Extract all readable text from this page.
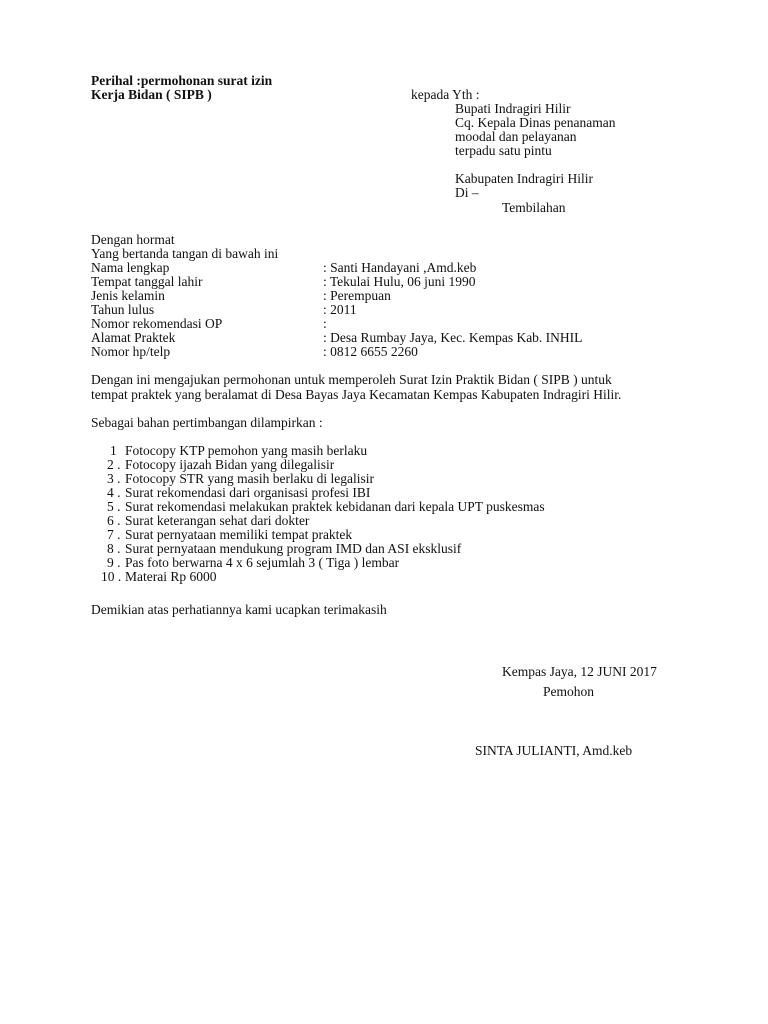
Perihal :permohonan surat izin
Kerja Bidan ( SIPB )	kepada Yth :
Bupati Indragiri Hilir
Cq. Kepala Dinas penanaman
moodal dan pelayanan
terpadu satu pintu
Kabupaten Indragiri Hilir
Di –
Tembilahan
Dengan hormat
Yang bertanda tangan di bawah ini
Nama lengkap	: Santi Handayani ,Amd.keb
Tempat tanggal lahir	: Tekulai Hulu, 06 juni 1990
Jenis kelamin	: Perempuan
Tahun lulus	: 2011
Nomor rekomendasi OP	:
Alamat Praktek	: Desa Rumbay Jaya, Kec. Kempas Kab. INHIL
Nomor hp/telp	: 0812 6655 2260
Dengan ini mengajukan permohonan untuk memperoleh Surat Izin Praktik Bidan ( SIPB ) untuk
tempat praktek yang beralamat di Desa Bayas Jaya Kecamatan Kempas Kabupaten Indragiri Hilir.
Sebagai bahan pertimbangan dilampirkan :
1 Fotocopy KTP pemohon yang masih berlaku
2 . Fotocopy ijazah Bidan yang dilegalisir
3 . Fotocopy STR yang masih berlaku di legalisir
4 . Surat rekomendasi dari organisasi profesi IBI
5 . Surat rekomendasi melakukan praktek kebidanan dari kepala UPT puskesmas
6 . Surat keterangan sehat dari dokter
7 . Surat pernyataan memiliki tempat praktek
8 . Surat pernyataan mendukung program IMD dan ASI eksklusif
9 . Pas foto berwarna 4 x 6 sejumlah 3 ( Tiga ) lembar
10 . Materai Rp 6000
Demikian atas perhatiannya kami ucapkan terimakasih
Kempas Jaya, 12 JUNI 2017
Pemohon
SINTA JULIANTI, Amd.keb
